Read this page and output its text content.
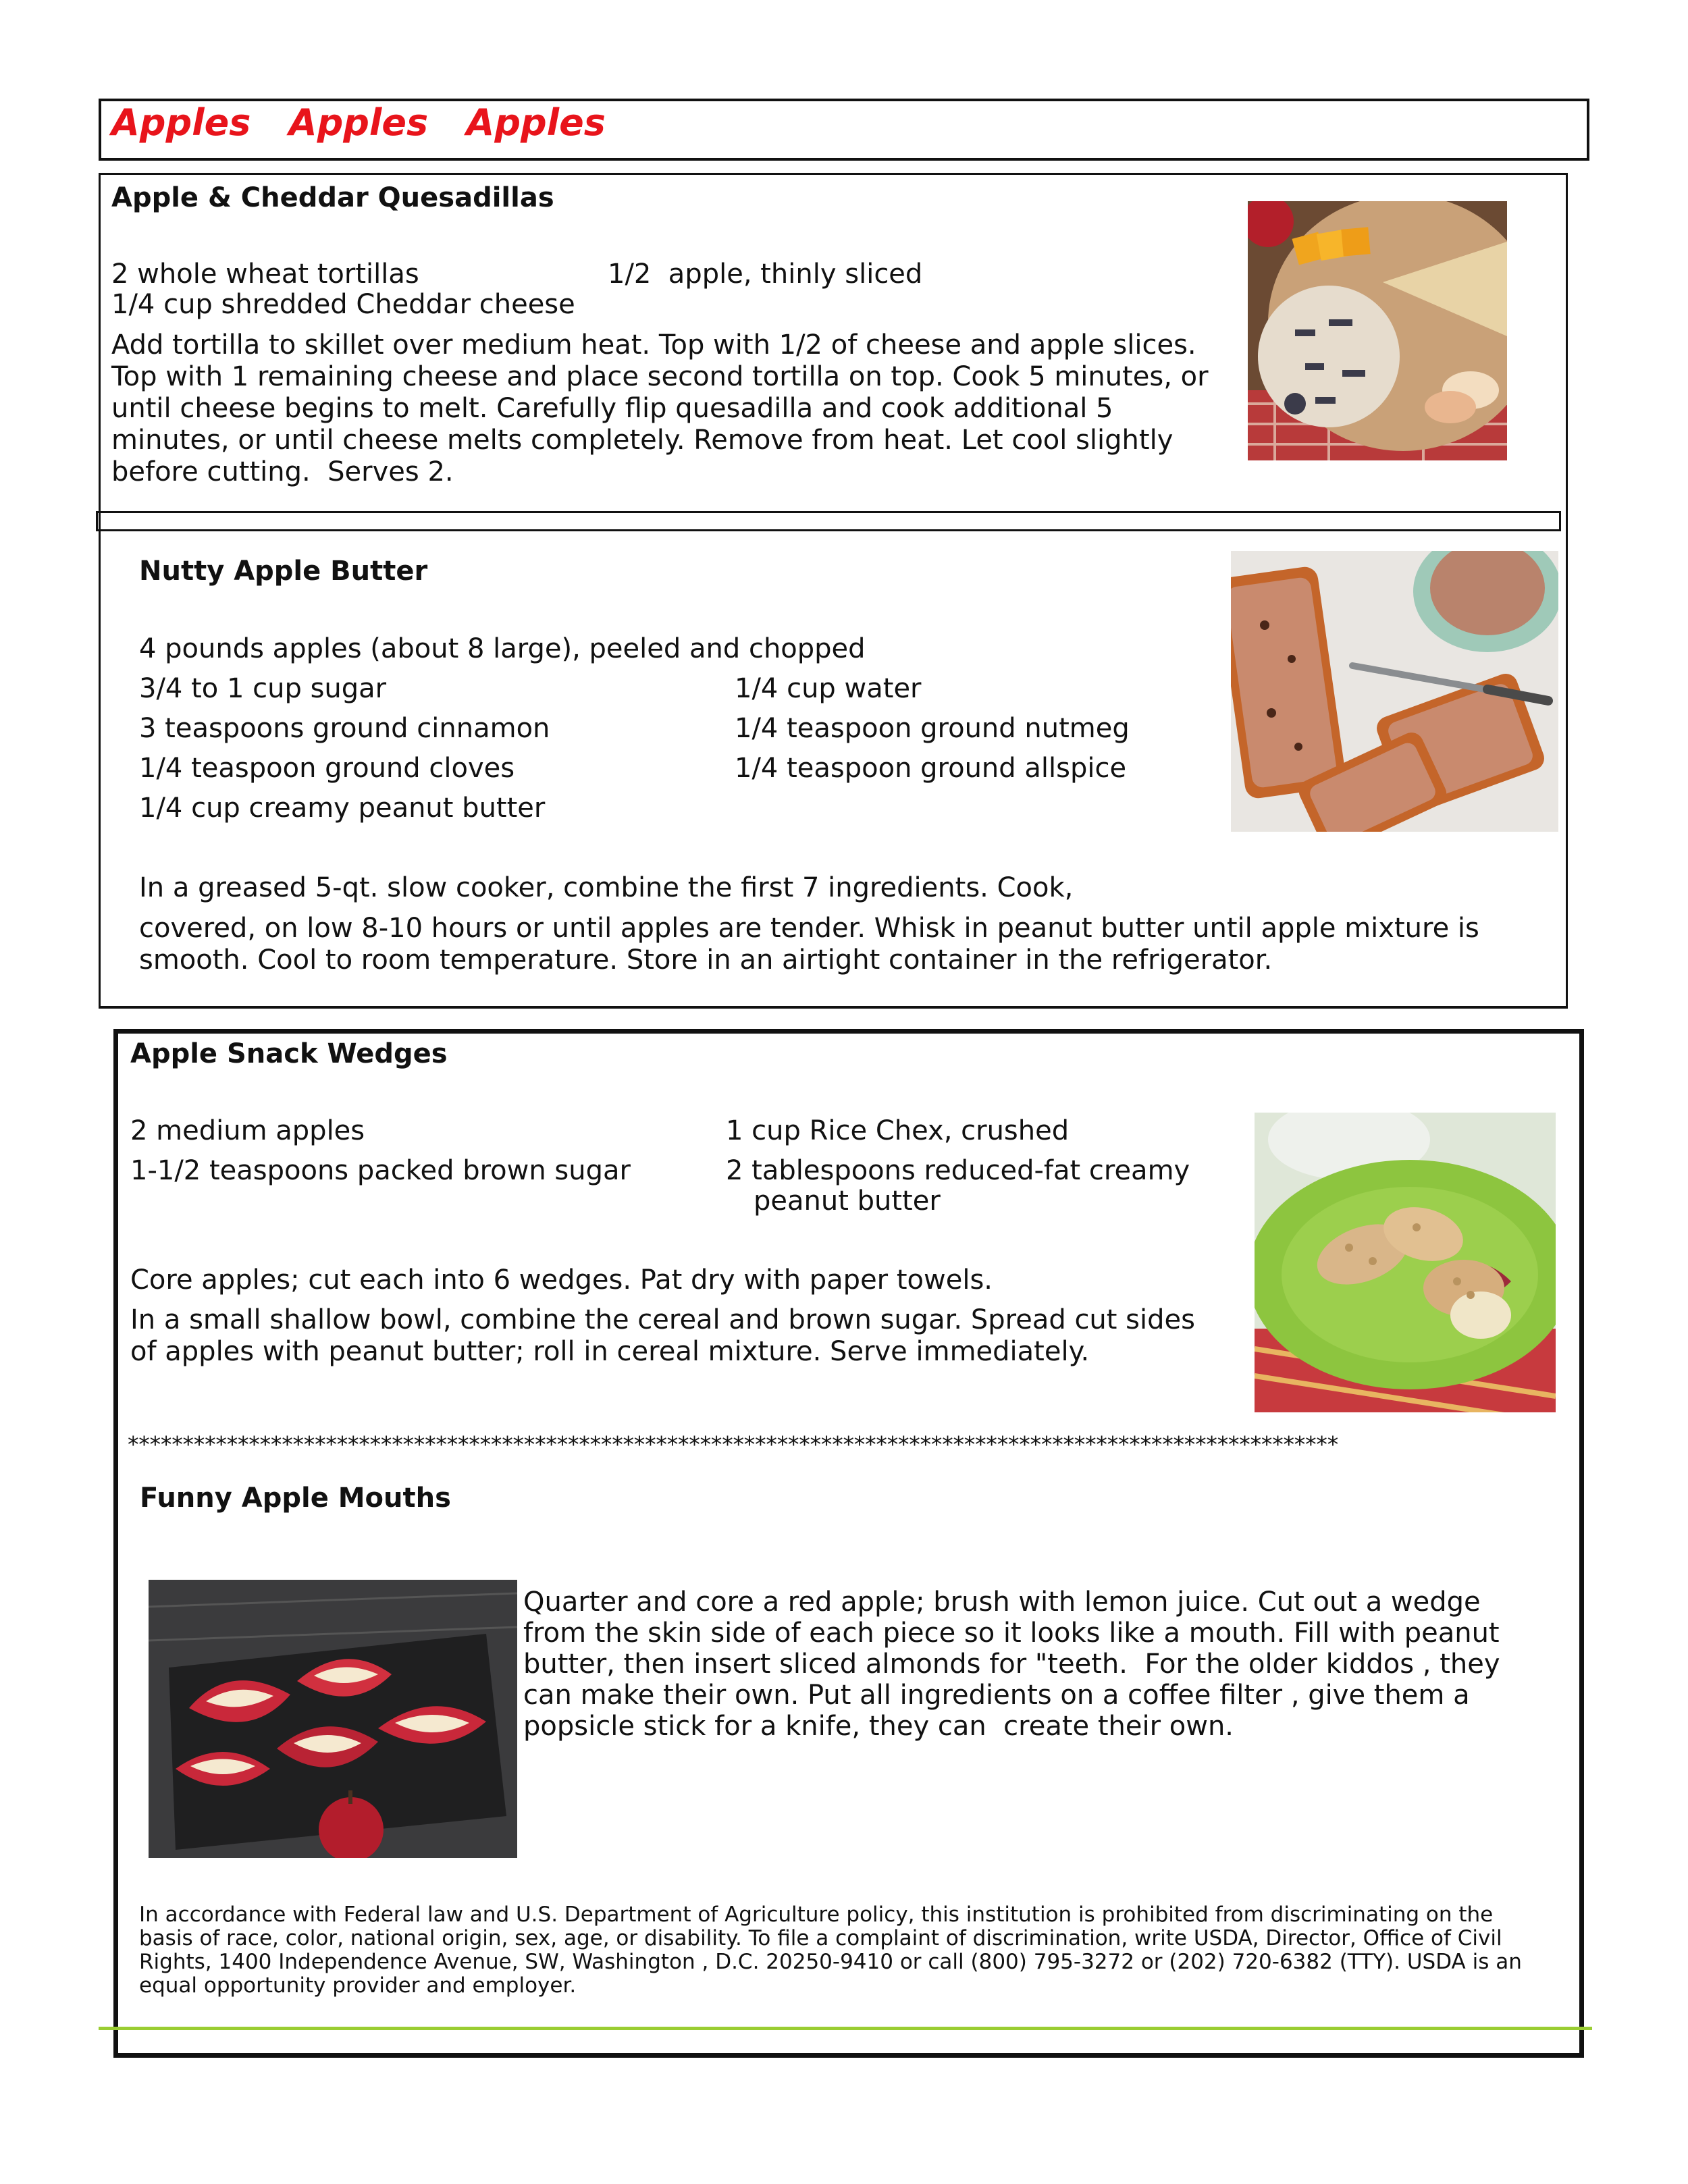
Apples   Apples   Apples
Apple & Cheddar Quesadillas
2 whole wheat tortillas	1/2  apple, thinly sliced
1/4 cup shredded Cheddar cheese
Add tortilla to skillet over medium heat. Top with 1/2 of cheese and apple slices.
Top with 1 remaining cheese and place second tortilla on top. Cook 5 minutes, or
until cheese begins to melt. Carefully flip quesadilla and cook additional 5
minutes, or until cheese melts completely. Remove from heat. Let cool slightly
before cutting.  Serves 2.
Nutty Apple Butter
4 pounds apples (about 8 large), peeled and chopped
3/4 to 1 cup sugar	1/4 cup water
3 teaspoons ground cinnamon	1/4 teaspoon ground nutmeg
1/4 teaspoon ground cloves	1/4 teaspoon ground allspice
1/4 cup creamy peanut butter
In a greased 5-qt. slow cooker, combine the first 7 ingredients. Cook,
covered, on low 8-10 hours or until apples are tender. Whisk in peanut butter until apple mixture is
smooth. Cool to room temperature. Store in an airtight container in the refrigerator.
Apple Snack Wedges
2 medium apples	1 cup Rice Chex, crushed
1-1/2 teaspoons packed brown sugar	2 tablespoons reduced-fat creamy
peanut butter
Core apples; cut each into 6 wedges. Pat dry with paper towels.
In a small shallow bowl, combine the cereal and brown sugar. Spread cut sides
of apples with peanut butter; roll in cereal mixture. Serve immediately.
**************************************************************************************************************
Funny Apple Mouths
Quarter and core a red apple; brush with lemon juice. Cut out a wedge
from the skin side of each piece so it looks like a mouth. Fill with peanut
butter, then insert sliced almonds for "teeth.  For the older kiddos , they
can make their own. Put all ingredients on a coffee filter , give them a
popsicle stick for a knife, they can  create their own.
In accordance with Federal law and U.S. Department of Agriculture policy, this institution is prohibited from discriminating on the
basis of race, color, national origin, sex, age, or disability. To file a complaint of discrimination, write USDA, Director, Office of Civil
Rights, 1400 Independence Avenue, SW, Washington , D.C. 20250-9410 or call (800) 795-3272 or (202) 720-6382 (TTY). USDA is an
equal opportunity provider and employer.
